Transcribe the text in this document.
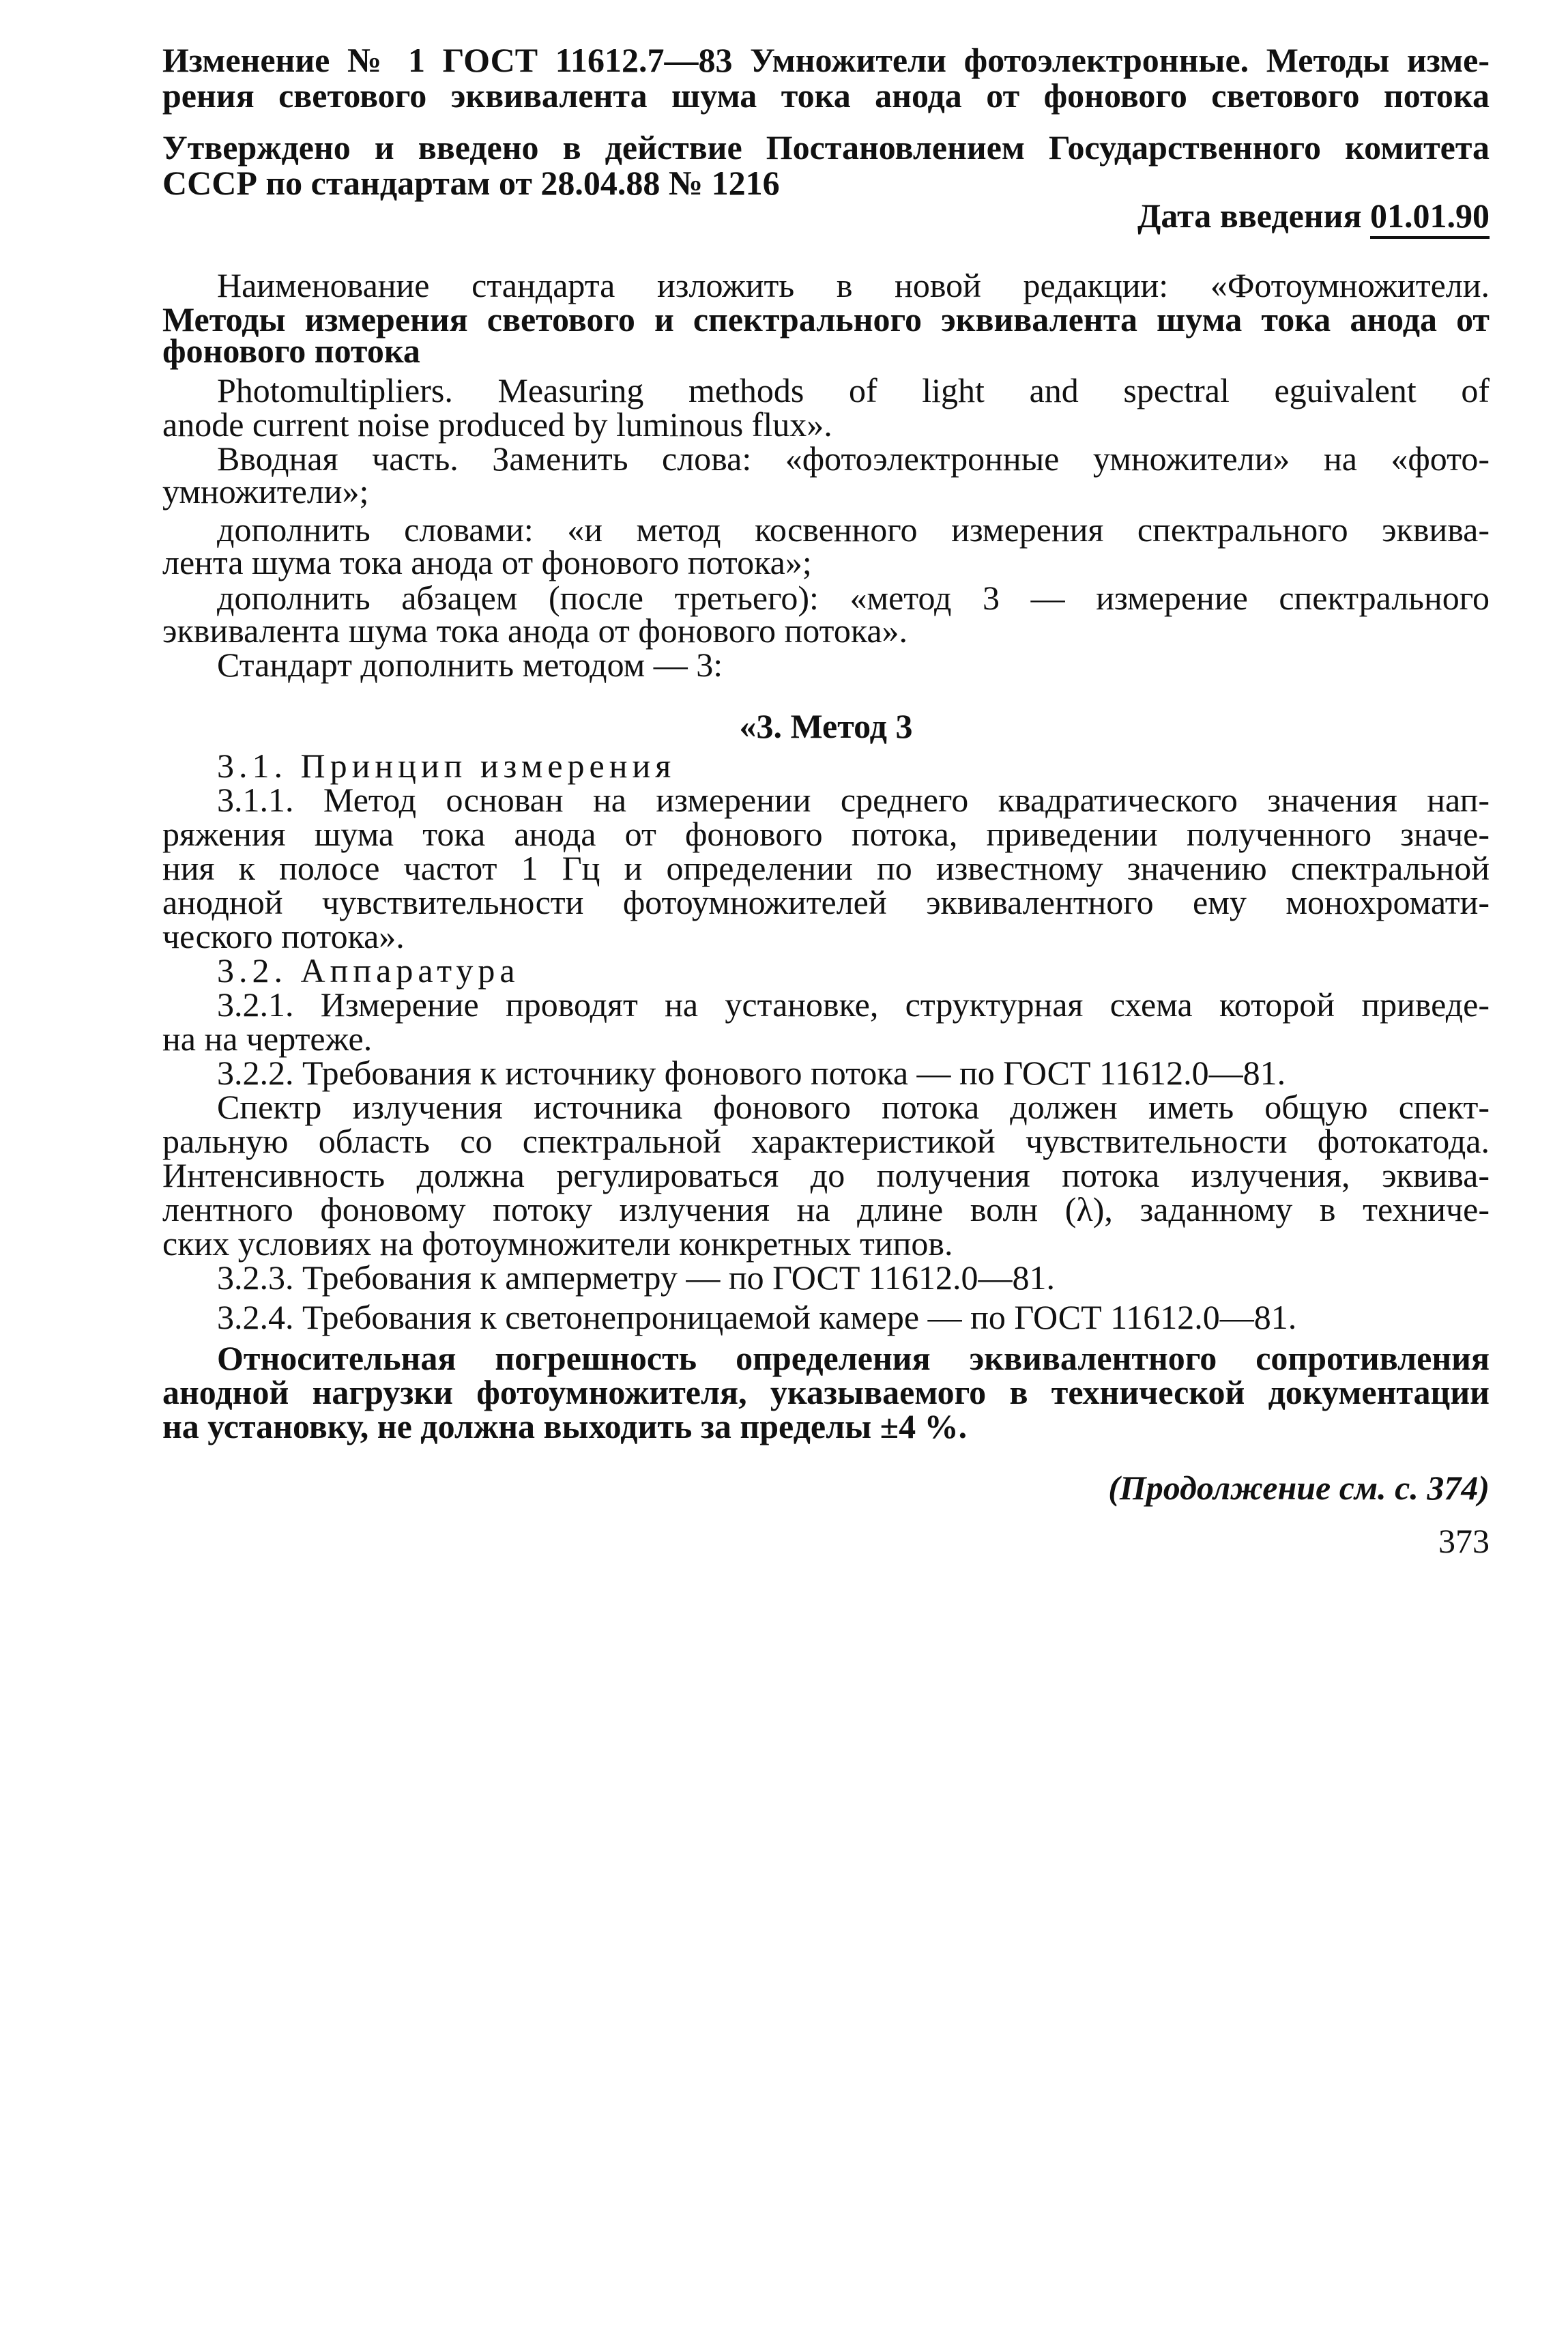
Изменение № 1 ГОСТ 11612.7—83 Умножители фотоэлектронные. Методы изме-
рения светового эквивалента шума тока анода от фонового светового потока
Утверждено и введено в действие Постановлением Государственного комитета
СССР по стандартам от 28.04.88 № 1216
Дата введения 01.01.90
Наименование стандарта изложить в новой редакции: «Фотоумножители.
Методы измерения светового и спектрального эквивалента шума тока анода от
фонового потока
Photomultipliers. Measuring methods of light and spectral eguivalent of
anode current noise produced by luminous flux».
Вводная часть. Заменить слова: «фотоэлектронные умножители» на «фото-
умножители»;
дополнить словами: «и метод косвенного измерения спектрального эквива-
лента шума тока анода от фонового потока»;
дополнить абзацем (после третьего): «метод 3 — измерение спектрального
эквивалента шума тока анода от фонового потока».
Стандарт дополнить методом — 3:
«3. Метод 3
3.1. Принцип измерения
3.1.1. Метод основан на измерении среднего квадратического значения нап-
ряжения шума тока анода от фонового потока, приведении полученного значе-
ния к полосе частот 1 Гц и определении по известному значению спектральной
анодной чувствительности фотоумножителей эквивалентного ему монохромати-
ческого потока».
3.2. Аппаратура
3.2.1. Измерение проводят на установке, структурная схема которой приведе-
на на чертеже.
3.2.2. Требования к источнику фонового потока — по ГОСТ 11612.0—81.
Спектр излучения источника фонового потока должен иметь общую спект-
ральную область со спектральной характеристикой чувствительности фотокатода.
Интенсивность должна регулироваться до получения потока излучения, эквива-
лентного фоновому потоку излучения на длине волн (λ), заданному в техниче-
ских условиях на фотоумножители конкретных типов.
3.2.3. Требования к амперметру — по ГОСТ 11612.0—81.
3.2.4. Требования к светонепроницаемой камере — по ГОСТ 11612.0—81.
Относительная погрешность определения эквивалентного сопротивления
анодной нагрузки фотоумножителя, указываемого в технической документации
на установку, не должна выходить за пределы ±4 %.
(Продолжение см. с. 374)
373
